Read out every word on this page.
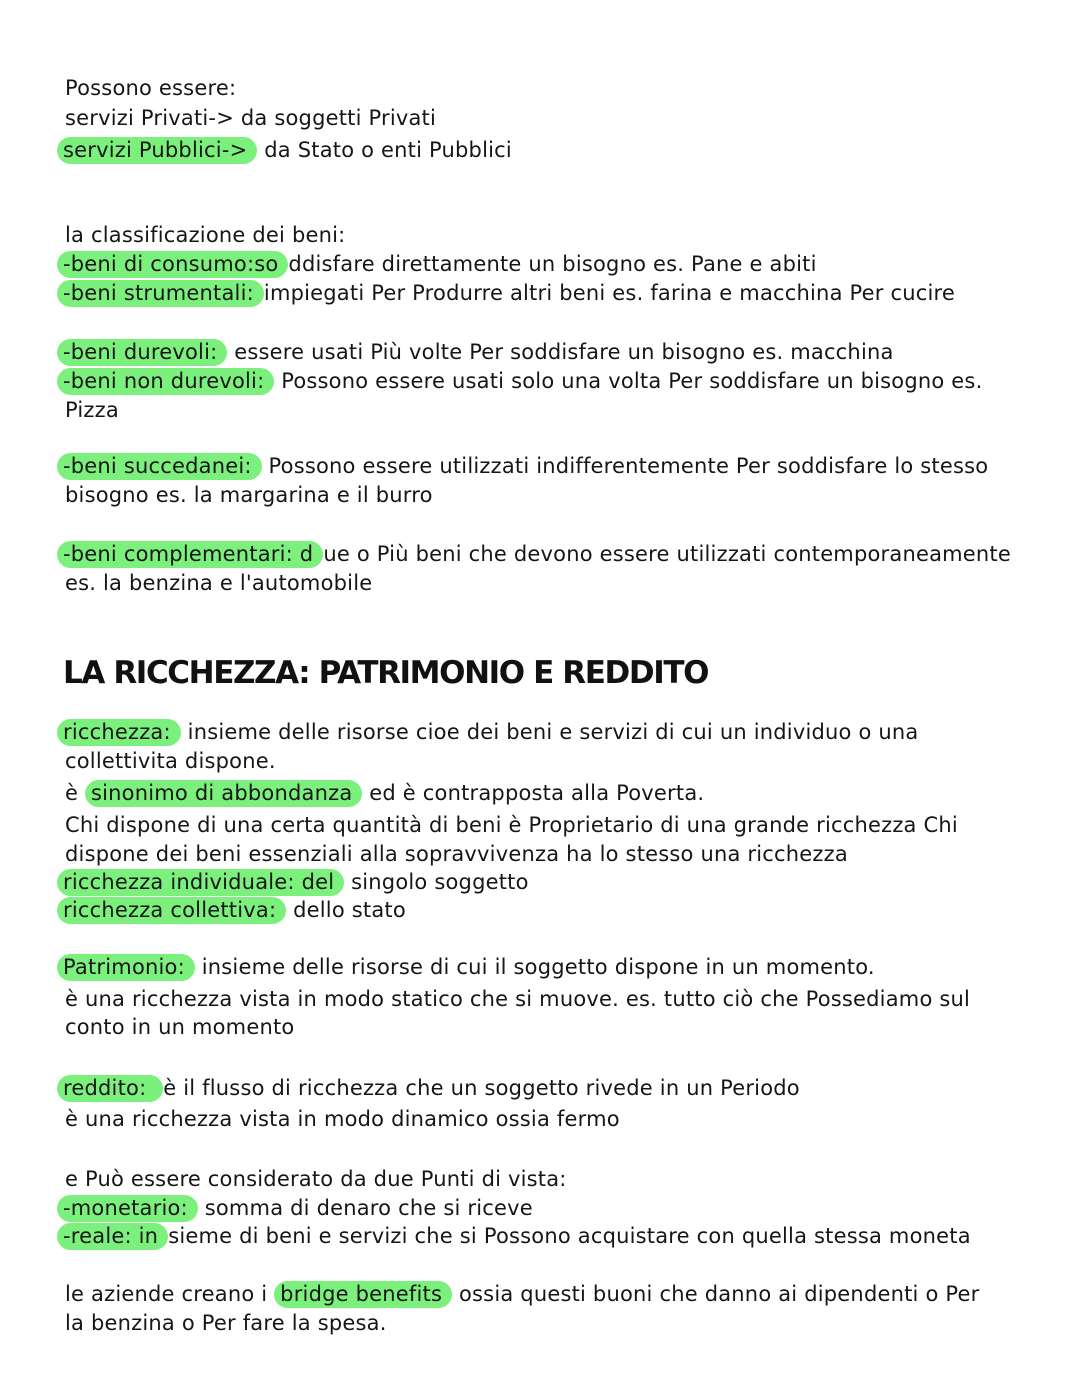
Possono essere:
servizi Privati-> da soggetti Privati
servizi Pubblici-> da Stato o enti Pubblici
la classificazione dei beni:
-beni di consumo:so ddisfare direttamente un bisogno es. Pane e abiti
-beni strumentali: impiegati Per Produrre altri beni es. farina e macchina Per cucire
-beni durevoli: essere usati Più volte Per soddisfare un bisogno es. macchina
-beni non durevoli: Possono essere usati solo una volta Per soddisfare un bisogno es.
Pizza
-beni succedanei: Possono essere utilizzati indifferentemente Per soddisfare lo stesso
bisogno es. la margarina e il burro
-beni complementari: d ue o Più beni che devono essere utilizzati contemporaneamente
es. la benzina e l'automobile
LA RICCHEZZA: PATRIMONIO E REDDITO
ricchezza: insieme delle risorse cioe dei beni e servizi di cui un individuo o una
collettivita dispone.
è sinonimo di abbondanza ed è contrapposta alla Poverta.
Chi dispone di una certa quantità di beni è Proprietario di una grande ricchezza Chi
dispone dei beni essenziali alla sopravvivenza ha lo stesso una ricchezza
ricchezza individuale: del singolo soggetto
ricchezza collettiva: dello stato
Patrimonio: insieme delle risorse di cui il soggetto dispone in un momento.
è una ricchezza vista in modo statico che si muove. es. tutto ciò che Possediamo sul
conto in un momento
reddito: è il flusso di ricchezza che un soggetto rivede in un Periodo
è una ricchezza vista in modo dinamico ossia fermo
e Può essere considerato da due Punti di vista:
-monetario: somma di denaro che si riceve
-reale: in sieme di beni e servizi che si Possono acquistare con quella stessa moneta
le aziende creano i bridge benefits ossia questi buoni che danno ai dipendenti o Per
la benzina o Per fare la spesa.
